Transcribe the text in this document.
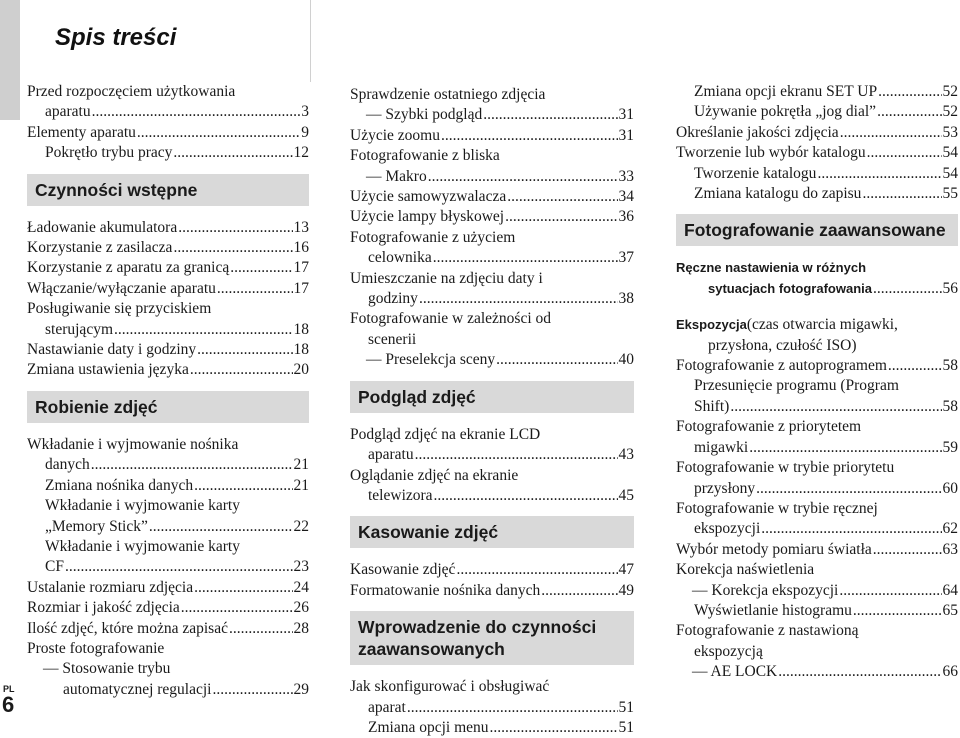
Spis treści
Przed rozpoczęciem użytkowania
aparatu .....	3
Elementy aparatu .....	9
Pokrętło trybu pracy .....	12
Czynności wstępne
Ładowanie akumulatora .....	13
Korzystanie z zasilacza .....	16
Korzystanie z aparatu za granicą .....	17
Włączanie/wyłączanie aparatu .....	17
Posługiwanie się przyciskiem
sterującym .....	18
Nastawianie daty i godziny .....	18
Zmiana ustawienia języka .....	20
Robienie zdjęć
Wkładanie i wyjmowanie nośnika
danych .....	21
Zmiana nośnika danych .....	21
Wkładanie i wyjmowanie karty
„Memory Stick” .....	22
Wkładanie i wyjmowanie karty
CF .....	23
Ustalanie rozmiaru zdjęcia .....	24
Rozmiar i jakość zdjęcia .....	26
Ilość zdjęć, które można zapisać .....	28
Proste fotografowanie
— Stosowanie trybu
automatycznej regulacji .....	29
Sprawdzenie ostatniego zdjęcia
— Szybki podgląd .....	31
Użycie zoomu .....	31
Fotografowanie z bliska
— Makro .....	33
Użycie samowyzwalacza .....	34
Użycie lampy błyskowej .....	36
Fotografowanie z użyciem
celownika .....	37
Umieszczanie na zdjęciu daty i
godziny .....	38
Fotografowanie w zależności od
scenerii
— Preselekcja sceny .....	40
Podgląd zdjęć
Podgląd zdjęć na ekranie LCD
aparatu .....	43
Oglądanie zdjęć na ekranie
telewizora .....	45
Kasowanie zdjęć
Kasowanie zdjęć .....	47
Formatowanie nośnika danych .....	49
Wprowadzenie do czynności zaawansowanych
Jak skonfigurować i obsługiwać
aparat .....	51
Zmiana opcji menu .....	51
Zmiana opcji ekranu SET UP .....	52
Używanie pokrętła „jog dial” .....	52
Określanie jakości zdjęcia .....	53
Tworzenie lub wybór katalogu .....	54
Tworzenie katalogu .....	54
Zmiana katalogu do zapisu .....	55
Fotografowanie zaawansowane
Ręczne nastawienia w różnych
sytuacjach fotografowania .....	56
Ekspozycja (czas otwarcia migawki,
przysłona, czułość ISO)
Fotografowanie z autoprogramem .....	58
Przesunięcie programu (Program
Shift) .....	58
Fotografowanie z priorytetem
migawki .....	59
Fotografowanie w trybie priorytetu
przysłony .....	60
Fotografowanie w trybie ręcznej
ekspozycji .....	62
Wybór metody pomiaru światła .....	63
Korekcja naświetlenia
— Korekcja ekspozycji .....	64
Wyświetlanie histogramu .....	65
Fotografowanie z nastawioną
ekspozycją
— AE LOCK .....	66
PL
6
